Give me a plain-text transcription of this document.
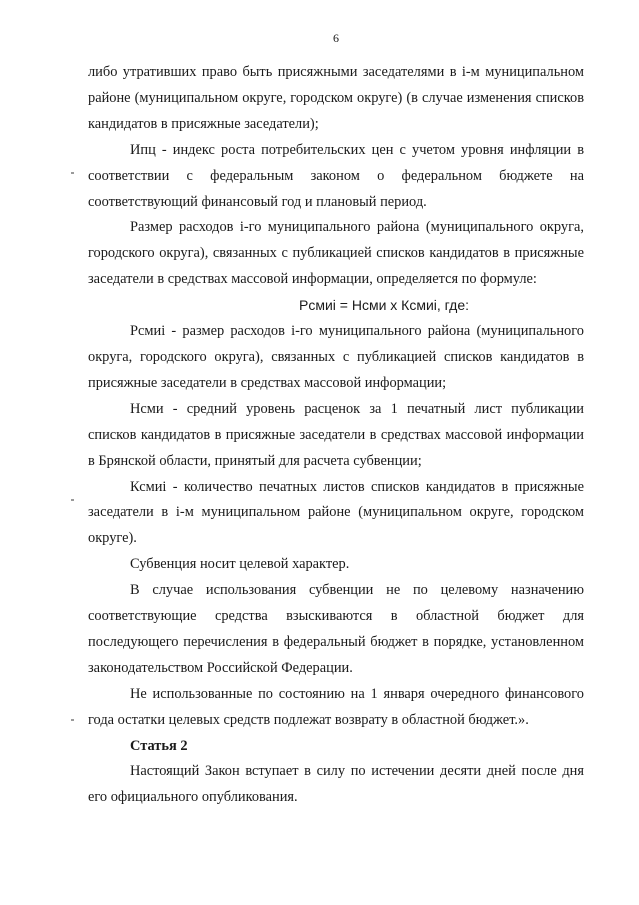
6

либо утративших право быть присяжными заседателями в і-м муниципальном районе (муниципальном округе, городском округе) (в случае изменения списков кандидатов в присяжные заседатели);

Ипц - индекс роста потребительских цен с учетом уровня инфляции в соответствии с федеральным законом о федеральном бюджете на соответствующий финансовый год и плановый период.

Размер расходов і-го муниципального района (муниципального округа, городского округа), связанных с публикацией списков кандидатов в присяжные заседатели в средствах массовой информации, определяется по формуле:

Рсмиі = Нсми х Ксмиі, где:

Рсмиі - размер расходов і-го муниципального района (муниципального округа, городского округа), связанных с публикацией списков кандидатов в присяжные заседатели в средствах массовой информации;

Нсми - средний уровень расценок за 1 печатный лист публикации списков кандидатов в присяжные заседатели в средствах массовой информации в Брянской области, принятый для расчета субвенции;

Ксмиі - количество печатных листов списков кандидатов в присяжные заседатели в і-м муниципальном районе (муниципальном округе, городском округе).

Субвенция носит целевой характер.

В случае использования субвенции не по целевому назначению соответствующие средства взыскиваются в областной бюджет для последующего перечисления в федеральный бюджет в порядке, установленном законодательством Российской Федерации.

Не использованные по состоянию на 1 января очередного финансового года остатки целевых средств подлежат возврату в областной бюджет.».

Статья 2

Настоящий Закон вступает в силу по истечении десяти дней после дня его официального опубликования.
